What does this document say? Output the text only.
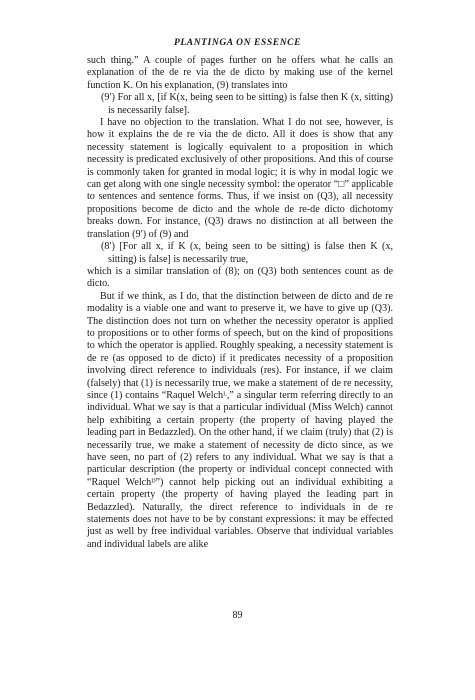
PLANTINGA ON ESSENCE

such thing.” A couple of pages further on he offers what he calls an explanation of the de re via the de dicto by making use of the kernel function K. On his explanation, (9) translates into

(9′) For all x, [if K(x, being seen to be sitting) is false then K (x, sitting) is necessarily false].

I have no objection to the translation. What I do not see, however, is how it explains the de re via the de dicto. All it does is show that any necessity statement is logically equivalent to a proposition in which necessity is predicated exclusively of other propositions. And this of course is commonly taken for granted in modal logic; it is why in modal logic we can get along with one single necessity symbol: the operator “□” applicable to sentences and sentence forms. Thus, if we insist on (Q3), all necessity propositions become de dicto and the whole de re-de dicto dichotomy breaks down. For instance, (Q3) draws no distinction at all between the translation (9′) of (9) and

(8′) [For all x, if K (x, being seen to be sitting) is false then K (x, sitting) is false] is necessarily true,

which is a similar translation of (8); on (Q3) both sentences count as de dicto.

But if we think, as I do, that the distinction between de dicto and de re modality is a viable one and want to preserve it, we have to give up (Q3). The distinction does not turn on whether the necessity operator is applied to propositions or to other forms of speech, but on the kind of propositions to which the operator is applied. Roughly speaking, a necessity statement is de re (as opposed to de dicto) if it predicates necessity of a proposition involving direct reference to individuals (res). For instance, if we claim (falsely) that (1) is necessarily true, we make a statement of de re necessity, since (1) contains “Raquel Welchᴸ,” a singular term referring directly to an individual. What we say is that a particular individual (Miss Welch) cannot help exhibiting a certain property (the property of having played the leading part in Bedazzled). On the other hand, if we claim (truly) that (2) is necessarily true, we make a statement of necessity de dicto since, as we have seen, no part of (2) refers to any individual. What we say is that a particular description (the property or individual concept connected with “Raquel Welchᴰ”) cannot help picking out an individual exhibiting a certain property (the property of having played the leading part in Bedazzled). Naturally, the direct reference to individuals in de re statements does not have to be by constant expressions: it may be effected just as well by free individual variables. Observe that individual variables and individual labels are alike

89
